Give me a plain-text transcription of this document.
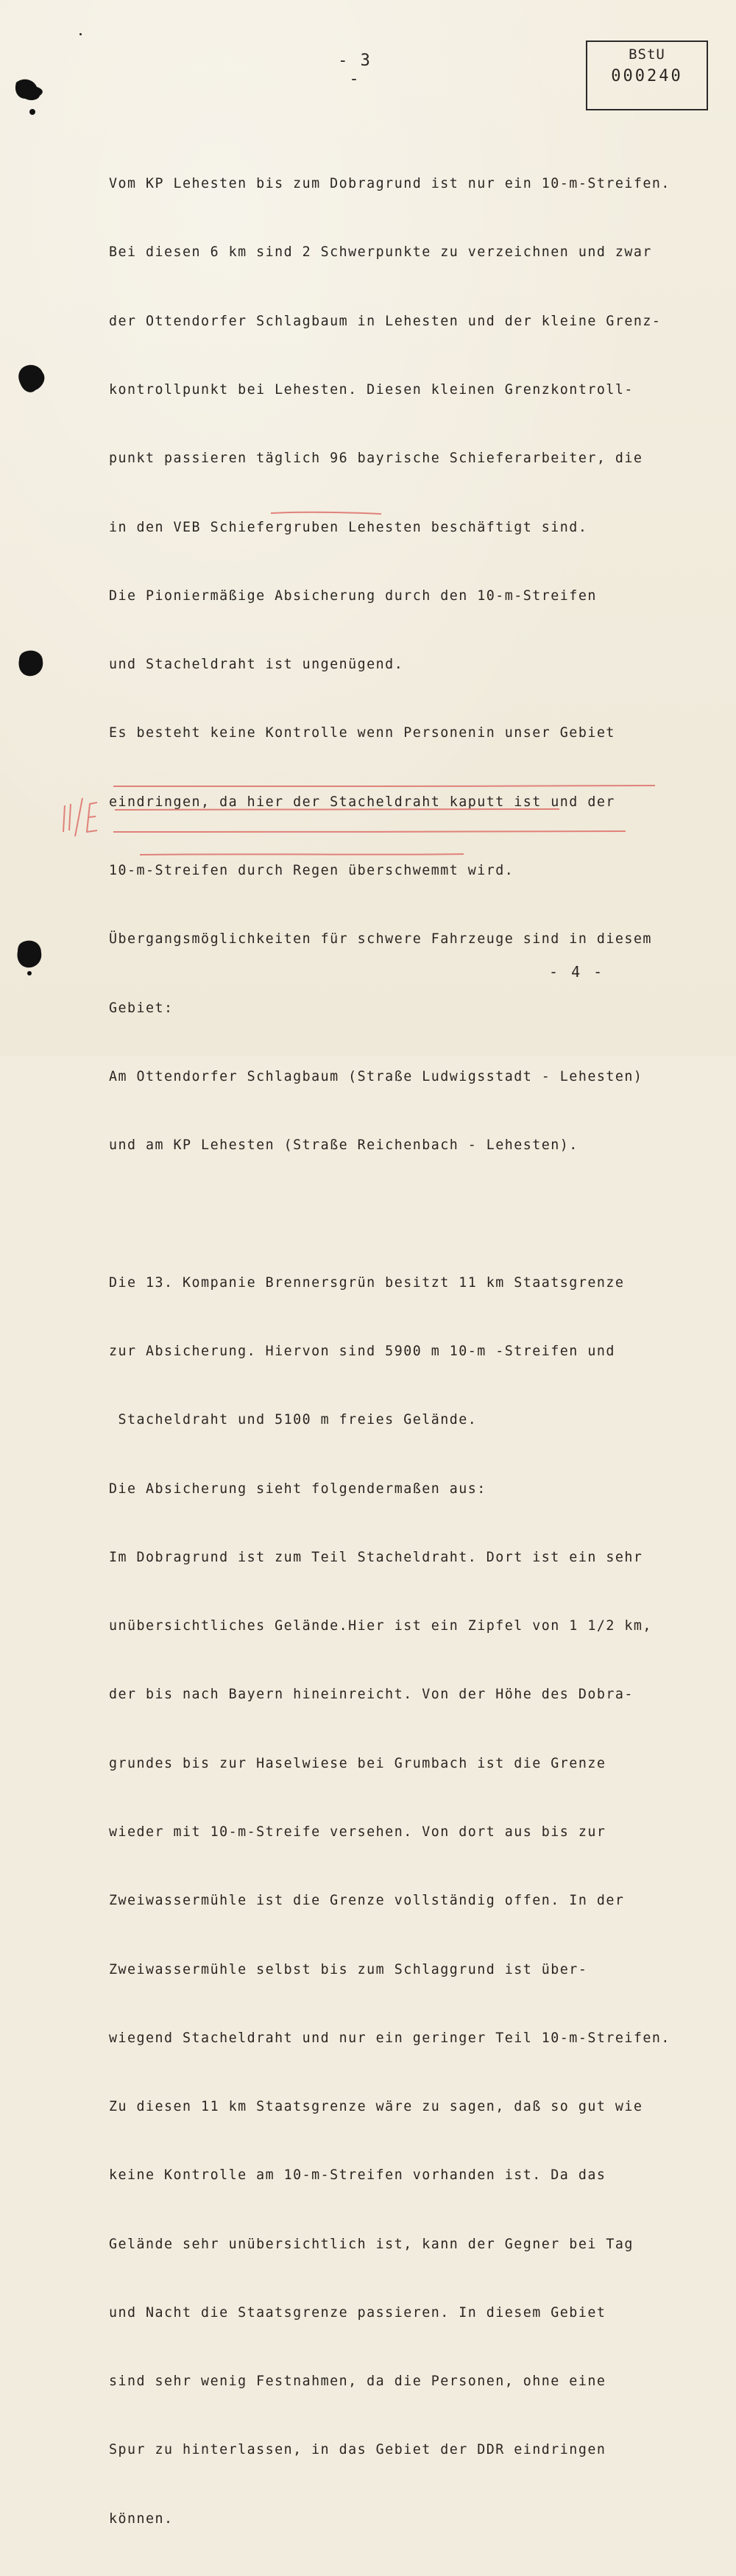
- 3 -
BStU
000240

Vom KP Lehesten bis zum Dobragrund ist nur ein 10-m-Streifen.

Bei diesen 6 km sind 2 Schwerpunkte zu verzeichnen und zwar

der Ottendorfer Schlagbaum in Lehesten und der kleine Grenz-

kontrollpunkt bei Lehesten. Diesen kleinen Grenzkontroll-

punkt passieren täglich 96 bayrische Schieferarbeiter, die

in den VEB Schiefergruben Lehesten beschäftigt sind.

Die Pioniermäßige Absicherung durch den 10-m-Streifen

und Stacheldraht ist ungenügend.

Es besteht keine Kontrolle wenn Personenin unser Gebiet

eindringen, da hier der Stacheldraht kaputt ist und der

10-m-Streifen durch Regen überschwemmt wird.

Übergangsmöglichkeiten für schwere Fahrzeuge sind in diesem

Gebiet:

Am Ottendorfer Schlagbaum (Straße Ludwigsstadt - Lehesten)

und am KP Lehesten (Straße Reichenbach - Lehesten).

Die 13. Kompanie Brennersgrün besitzt 11 km Staatsgrenze

zur Absicherung. Hiervon sind 5900 m 10-m -Streifen und

Stacheldraht und 5100 m freies Gelände.

Die Absicherung sieht folgendermaßen aus:

Im Dobragrund ist zum Teil Stacheldraht. Dort ist ein sehr

unübersichtliches Gelände.Hier ist ein Zipfel von 1 1/2 km,

der bis nach Bayern hineinreicht. Von der Höhe des Dobra-

grundes bis zur Haselwiese bei Grumbach ist die Grenze

wieder mit 10-m-Streife versehen. Von dort aus bis zur

Zweiwassermühle ist die Grenze vollständig offen. In der

Zweiwassermühle selbst bis zum Schlaggrund ist über-

wiegend Stacheldraht und nur ein geringer Teil 10-m-Streifen.

Zu diesen 11 km Staatsgrenze wäre zu sagen, daß so gut wie

keine Kontrolle am 10-m-Streifen vorhanden ist. Da das

Gelände sehr unübersichtlich ist, kann der Gegner bei Tag

und Nacht die Staatsgrenze passieren. In diesem Gebiet

sind sehr wenig Festnahmen, da die Personen, ohne eine

Spur zu hinterlassen, in das Gebiet der DDR eindringen

können.

- 4 -
